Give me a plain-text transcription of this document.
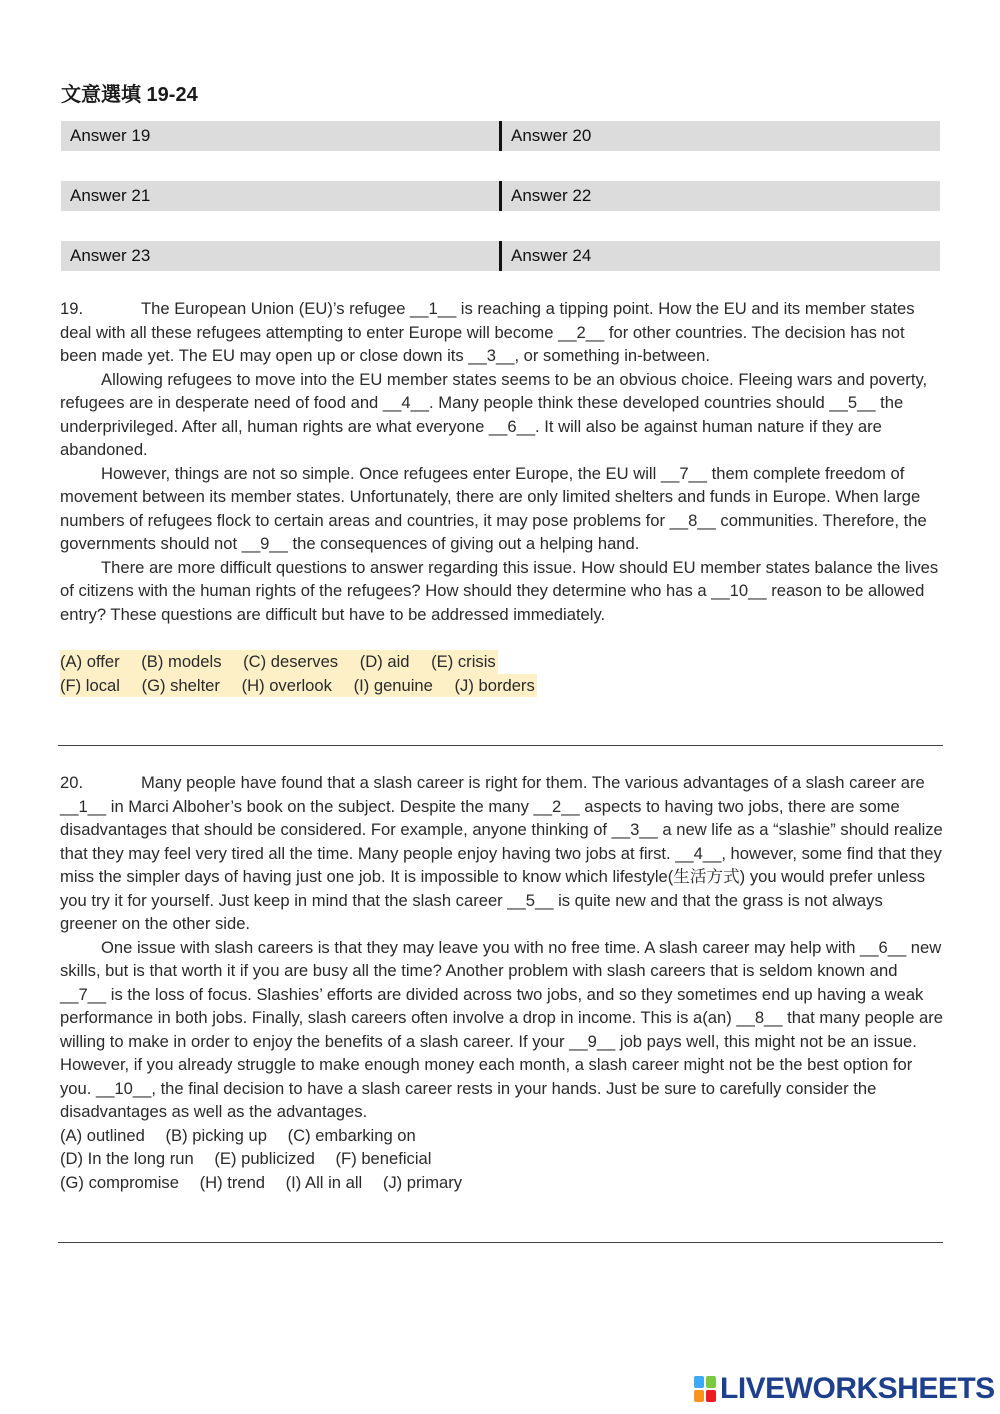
文意選填 19-24
Answer 19	Answer 20
Answer 21	Answer 22
Answer 23	Answer 24

19.	The European Union (EU)’s refugee __1__ is reaching a tipping point. How the EU and its member states deal with all these refugees attempting to enter Europe will become __2__ for other countries. The decision has not been made yet. The EU may open up or close down its __3__, or something in-between.

Allowing refugees to move into the EU member states seems to be an obvious choice. Fleeing wars and poverty, refugees are in desperate need of food and __4__. Many people think these developed countries should __5__ the underprivileged. After all, human rights are what everyone __6__. It will also be against human nature if they are abandoned.

However, things are not so simple. Once refugees enter Europe, the EU will __7__ them complete freedom of movement between its member states. Unfortunately, there are only limited shelters and funds in Europe. When large numbers of refugees flock to certain areas and countries, it may pose problems for __8__ communities. Therefore, the governments should not __9__ the consequences of giving out a helping hand.

There are more difficult questions to answer regarding this issue. How should EU member states balance the lives of citizens with the human rights of the refugees? How should they determine who has a __10__ reason to be allowed entry? These questions are difficult but have to be addressed immediately.

(A) offer (B) models (C) deserves (D) aid (E) crisis
(F) local (G) shelter (H) overlook (I) genuine (J) borders

20.	Many people have found that a slash career is right for them. The various advantages of a slash career are __1__ in Marci Alboher’s book on the subject. Despite the many __2__ aspects to having two jobs, there are some disadvantages that should be considered. For example, anyone thinking of __3__ a new life as a “slashie” should realize that they may feel very tired all the time. Many people enjoy having two jobs at first. __4__, however, some find that they miss the simpler days of having just one job. It is impossible to know which lifestyle(生活方式) you would prefer unless you try it for yourself. Just keep in mind that the slash career __5__ is quite new and that the grass is not always greener on the other side.

One issue with slash careers is that they may leave you with no free time. A slash career may help with __6__ new skills, but is that worth it if you are busy all the time? Another problem with slash careers that is seldom known and __7__ is the loss of focus. Slashies’ efforts are divided across two jobs, and so they sometimes end up having a weak performance in both jobs. Finally, slash careers often involve a drop in income. This is a(an) __8__ that many people are willing to make in order to enjoy the benefits of a slash career. If your __9__ job pays well, this might not be an issue. However, if you already struggle to make enough money each month, a slash career might not be the best option for you. __10__, the final decision to have a slash career rests in your hands. Just be sure to carefully consider the disadvantages as well as the advantages.

(A) outlined (B) picking up (C) embarking on
(D) In the long run (E) publicized (F) beneficial
(G) compromise (H) trend (I) All in all (J) primary
LIVEWORKSHEETS
